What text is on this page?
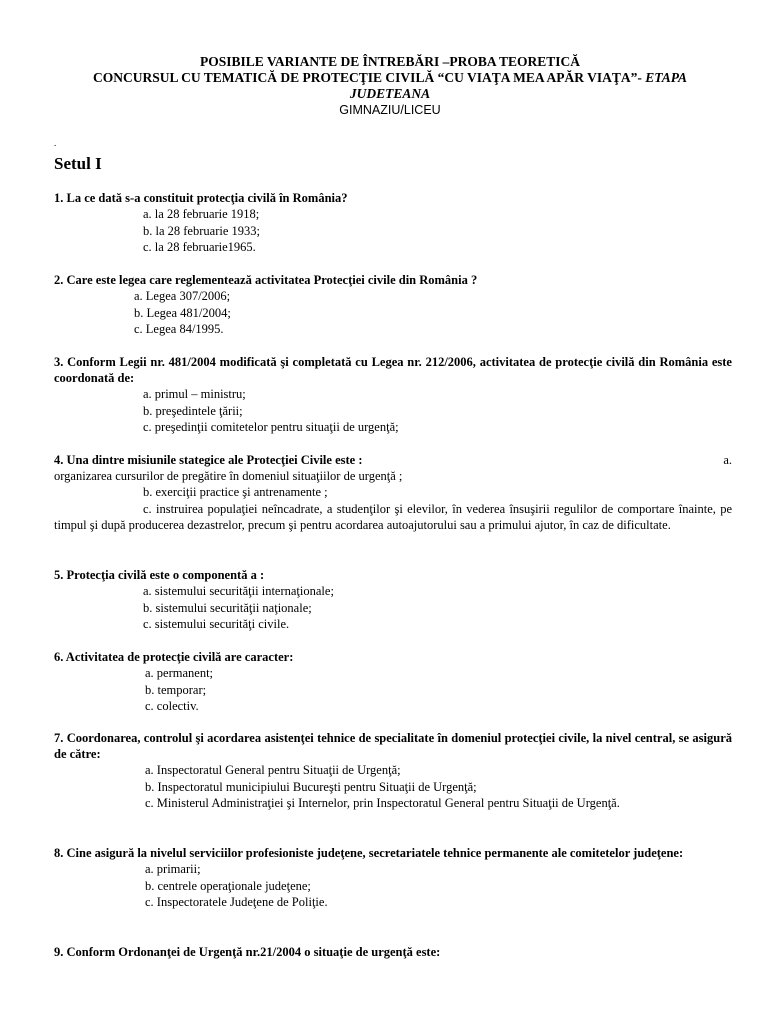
POSIBILE VARIANTE DE ÎNTREBĂRI –PROBA TEORETICĂ
CONCURSUL CU TEMATICĂ DE PROTECŢIE CIVILĂ “CU VIAŢA MEA APĂR VIAŢA”- ETAPA
JUDETEANA
GIMNAZIU/LICEU
.
Setul I
1. La ce dată s-a constituit protecţia civilă în România?
a. la 28 februarie 1918;
b. la 28 februarie 1933;
c. la 28 februarie1965.
2. Care este legea care reglementează activitatea Protecţiei civile din România ?
a. Legea 307/2006;
b. Legea 481/2004;
c. Legea 84/1995.
3. Conform Legii nr. 481/2004 modificată şi completată cu Legea nr. 212/2006, activitatea de protecţie civilă din România este coordonată de:
a. primul – ministru;
b. preşedintele ţării;
c. preşedinţii comitetelor pentru situaţii de urgenţă;
4. Una dintre misiunile stategice ale Protecţiei Civile este :	a.
organizarea cursurilor de pregătire în domeniul situaţiilor de urgenţă ;
b. exerciţii practice şi antrenamente ;
c. instruirea populaţiei neîncadrate, a studenţilor şi elevilor, în vederea însuşirii regulilor de comportare înainte, pe timpul şi după producerea dezastrelor, precum şi pentru acordarea autoajutorului sau a primului ajutor, în caz de dificultate.
5. Protecţia civilă este o componentă a :
a. sistemului securităţii internaţionale;
b. sistemului securităţii naţionale;
c. sistemului securităţi civile.
6. Activitatea de protecţie civilă are caracter:
a. permanent;
b. temporar;
c. colectiv.
7. Coordonarea, controlul şi acordarea asistenţei tehnice de specialitate în domeniul protecţiei civile, la nivel central, se asigură de către:
a. Inspectoratul General pentru Situaţii de Urgenţă;
b. Inspectoratul municipiului Bucureşti pentru Situaţii de Urgenţă;
c. Ministerul Administraţiei şi Internelor, prin Inspectoratul General pentru Situaţii de Urgenţă.
8. Cine asigură la nivelul serviciilor profesioniste judeţene, secretariatele tehnice permanente ale comitetelor judeţene:
a. primarii;
b. centrele operaţionale judeţene;
c. Inspectoratele Judeţene de Poliţie.
9. Conform Ordonanţei de Urgenţă nr.21/2004 o situaţie de urgenţă este:
